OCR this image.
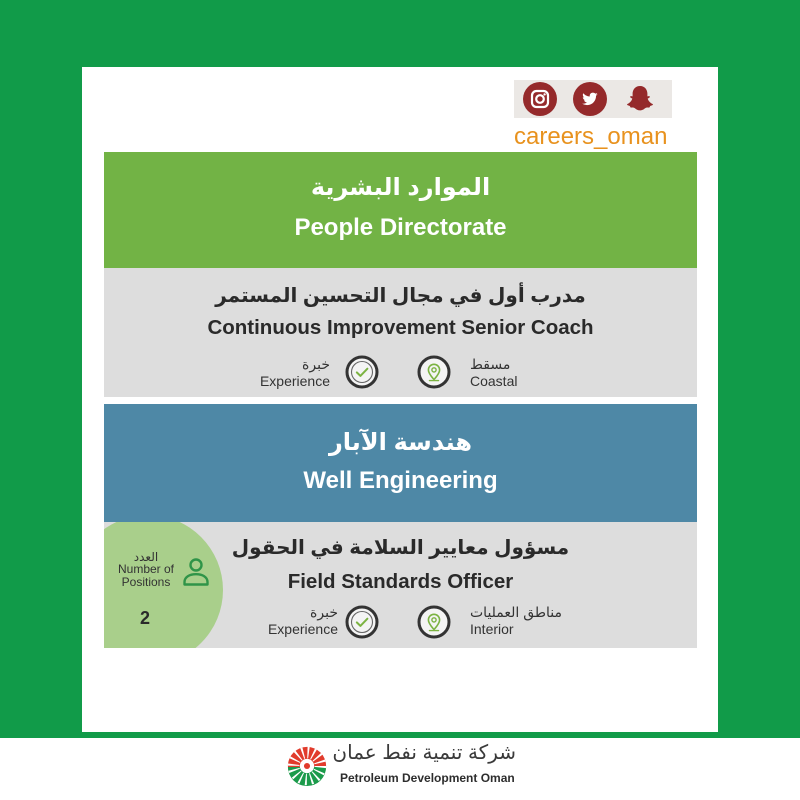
careers_oman
الموارد البشرية
People Directorate
مدرب أول في مجال التحسين المستمر
Continuous Improvement Senior Coach
خبرة
Experience
مسقط
Coastal
هندسة الآبار
Well Engineering
العدد
Number of Positions
2
مسؤول معايير السلامة في الحقول
Field Standards Officer
خبرة
Experience
مناطق العمليات
Interior
شركة تنمية نفط عمان
Petroleum Development Oman
